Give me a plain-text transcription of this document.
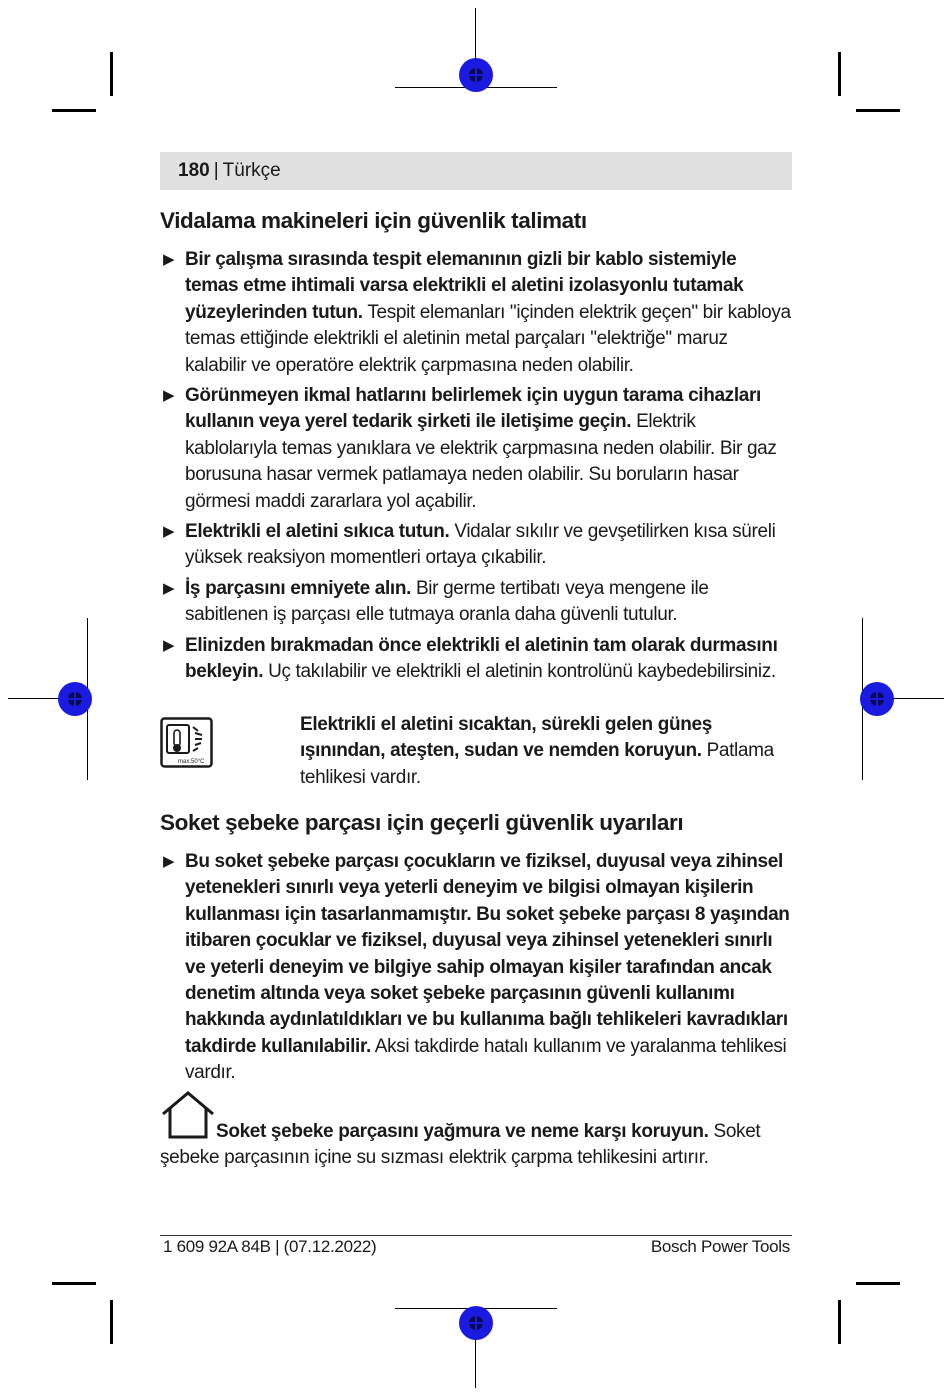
180 | Türkçe
Vidalama makineleri için güvenlik talimatı
▶ Bir çalışma sırasında tespit elemanının gizli bir kablo sistemiyle temas etme ihtimali varsa elektrikli el aletini izolasyonlu tutamak yüzeylerinden tutun. Tespit elemanları "içinden elektrik geçen" bir kabloya temas ettiğinde elektrikli el aletinin metal parçaları "elektriğe" maruz kalabilir ve operatöre elektrik çarpmasına neden olabilir.
▶ Görünmeyen ikmal hatlarını belirlemek için uygun tarama cihazları kullanın veya yerel tedarik şirketi ile iletişime geçin. Elektrik kablolarıyla temas yanıklara ve elektrik çarpmasına neden olabilir. Bir gaz borusuna hasar vermek patlamaya neden olabilir. Su boruların hasar görmesi maddi zararlara yol açabilir.
▶ Elektrikli el aletini sıkıca tutun. Vidalar sıkılır ve gevşetilirken kısa süreli yüksek reaksiyon momentleri ortaya çıkabilir.
▶ İş parçasını emniyete alın. Bir germe tertibatı veya mengene ile sabitlenen iş parçası elle tutmaya oranla daha güvenli tutulur.
▶ Elinizden bırakmadan önce elektrikli el aletinin tam olarak durmasını bekleyin. Uç takılabilir ve elektrikli el aletinin kontrolünü kaybedebilirsiniz.
max.50°C
Elektrikli el aletini sıcaktan, sürekli gelen güneş ışınından, ateşten, sudan ve nemden koruyun. Patlama tehlikesi vardır.
Soket şebeke parçası için geçerli güvenlik uyarıları
▶ Bu soket şebeke parçası çocukların ve fiziksel, duyusal veya zihinsel yetenekleri sınırlı veya yeterli deneyim ve bilgisi olmayan kişilerin kullanması için tasarlanmamıştır. Bu soket şebeke parçası 8 yaşından itibaren çocuklar ve fiziksel, duyusal veya zihinsel yetenekleri sınırlı ve yeterli deneyim ve bilgiye sahip olmayan kişiler tarafından ancak denetim altında veya soket şebeke parçasının güvenli kullanımı hakkında aydınlatıldıkları ve bu kullanıma bağlı tehlikeleri kavradıkları takdirde kullanılabilir. Aksi takdirde hatalı kullanım ve yaralanma tehlikesi vardır.
Soket şebeke parçasını yağmura ve neme karşı koruyun. Soket şebeke parçasının içine su sızması elektrik çarpma tehlikesini artırır.
1 609 92A 84B | (07.12.2022)	Bosch Power Tools
